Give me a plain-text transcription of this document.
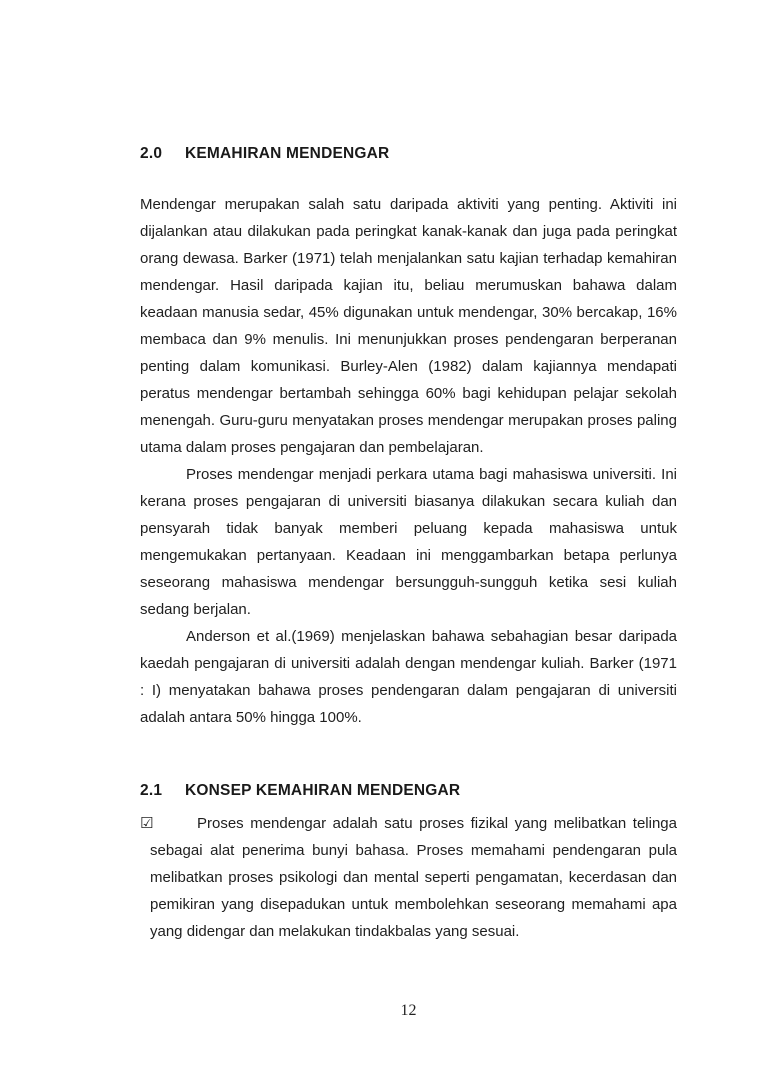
2.0	KEMAHIRAN MENDENGAR

Mendengar merupakan salah satu daripada aktiviti yang penting. Aktiviti ini dijalankan atau dilakukan pada peringkat kanak-kanak dan juga pada peringkat orang dewasa. Barker (1971) telah menjalankan satu kajian terhadap kemahiran mendengar. Hasil daripada kajian itu, beliau merumuskan bahawa dalam keadaan manusia sedar, 45% digunakan untuk mendengar, 30% bercakap, 16% membaca dan 9% menulis. Ini menunjukkan proses pendengaran berperanan penting dalam komunikasi. Burley-Alen (1982) dalam kajiannya mendapati peratus mendengar bertambah sehingga 60% bagi kehidupan pelajar sekolah menengah. Guru-guru menyatakan proses mendengar merupakan proses paling utama dalam proses pengajaran dan pembelajaran.

Proses mendengar menjadi perkara utama bagi mahasiswa universiti. Ini kerana proses pengajaran di universiti biasanya dilakukan secara kuliah dan pensyarah tidak banyak memberi peluang kepada mahasiswa untuk mengemukakan pertanyaan. Keadaan ini menggambarkan betapa perlunya seseorang mahasiswa mendengar bersungguh-sungguh ketika sesi kuliah sedang berjalan.

Anderson et al.(1969) menjelaskan bahawa sebahagian besar daripada kaedah pengajaran di universiti adalah dengan mendengar kuliah. Barker (1971 : I) menyatakan bahawa proses pendengaran dalam pengajaran di universiti adalah antara 50% hingga 100%.

2.1	KONSEP KEMAHIRAN MENDENGAR
☑	Proses mendengar adalah satu proses fizikal yang melibatkan telinga sebagai alat penerima bunyi bahasa. Proses memahami pendengaran pula melibatkan proses psikologi dan mental seperti pengamatan, kecerdasan dan pemikiran yang disepadukan untuk membolehkan seseorang memahami apa yang didengar dan melakukan tindakbalas yang sesuai.
12
